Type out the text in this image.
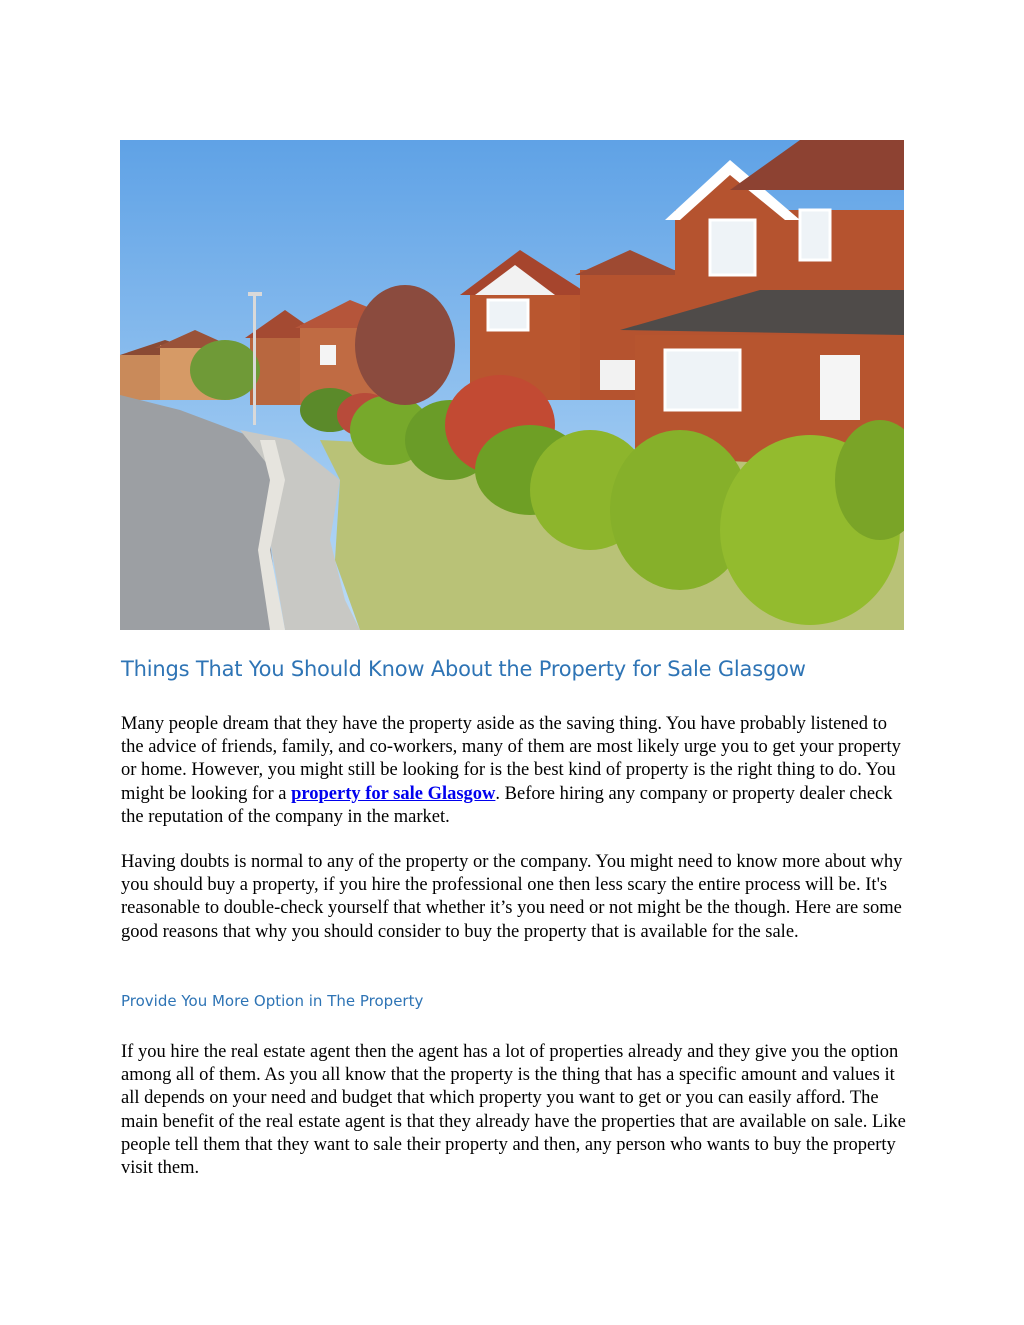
Things That You Should Know About the Property for Sale Glasgow

Many people dream that they have the property aside as the saving thing. You have probably listened to the advice of friends, family, and co-workers, many of them are most likely urge you to get your property or home. However, you might still be looking for is the best kind of property is the right thing to do. You might be looking for a property for sale Glasgow. Before hiring any company or property dealer check the reputation of the company in the market.

Having doubts is normal to any of the property or the company. You might need to know more about why you should buy a property, if you hire the professional one then less scary the entire process will be. It's reasonable to double-check yourself that whether it’s you need or not might be the though. Here are some good reasons that why you should consider to buy the property that is available for the sale.

Provide You More Option in The Property

If you hire the real estate agent then the agent has a lot of properties already and they give you the option among all of them. As you all know that the property is the thing that has a specific amount and values it all depends on your need and budget that which property you want to get or you can easily afford. The main benefit of the real estate agent is that they already have the properties that are available on sale. Like people tell them that they want to sale their property and then, any person who wants to buy the property visit them.
